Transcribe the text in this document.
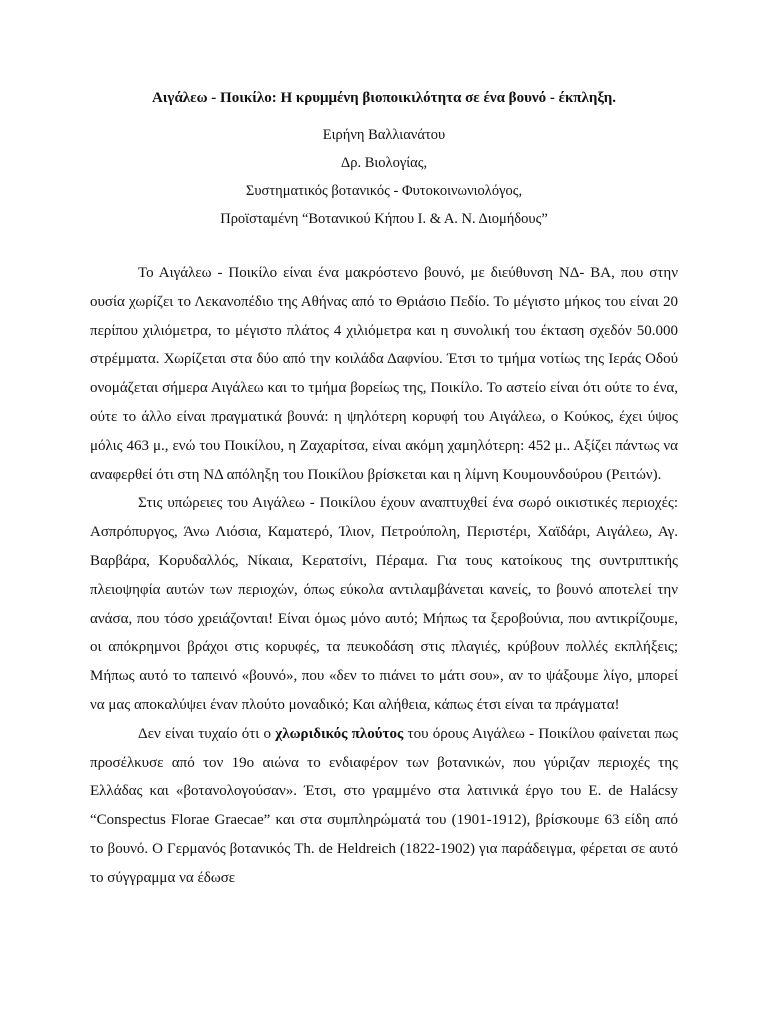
Αιγάλεω - Ποικίλο: Η κρυμμένη βιοποικιλότητα σε ένα βουνό - έκπληξη.
Ειρήνη Βαλλιανάτου
Δρ. Βιολογίας,
Συστηματικός βοτανικός - Φυτοκοινωνιολόγος,
Προϊσταμένη “Βοτανικού Κήπου Ι. & Α. Ν. Διομήδους”

Το Αιγάλεω - Ποικίλο είναι ένα μακρόστενο βουνό, με διεύθυνση ΝΔ- ΒΑ, που στην ουσία χωρίζει το Λεκανοπέδιο της Αθήνας από το Θριάσιο Πεδίο. Το μέγιστο μήκος του είναι 20 περίπου χιλιόμετρα, το μέγιστο πλάτος 4 χιλιόμετρα και η συνολική του έκταση σχεδόν 50.000 στρέμματα. Χωρίζεται στα δύο από την κοιλάδα Δαφνίου. Έτσι το τμήμα νοτίως της Ιεράς Οδού ονομάζεται σήμερα Αιγάλεω και το τμήμα βορείως της, Ποικίλο. Το αστείο είναι ότι ούτε το ένα, ούτε το άλλο είναι πραγματικά βουνά: η ψηλότερη κορυφή του Αιγάλεω, ο Κούκος, έχει ύψος μόλις 463 μ., ενώ του Ποικίλου, η Ζαχαρίτσα, είναι ακόμη χαμηλότερη: 452 μ.. Αξίζει πάντως να αναφερθεί ότι στη ΝΔ απόληξη του Ποικίλου βρίσκεται και η λίμνη Κουμουνδούρου (Ρειτών).

Στις υπώρειες του Αιγάλεω - Ποικίλου έχουν αναπτυχθεί ένα σωρό οικιστικές περιοχές: Ασπρόπυργος, Άνω Λιόσια, Καματερό, Ίλιον, Πετρούπολη, Περιστέρι, Χαϊδάρι, Αιγάλεω, Αγ. Βαρβάρα, Κορυδαλλός, Νίκαια, Κερατσίνι, Πέραμα. Για τους κατοίκους της συντριπτικής πλειοψηφία αυτών των περιοχών, όπως εύκολα αντιλαμβάνεται κανείς, το βουνό αποτελεί την ανάσα, που τόσο χρειάζονται! Είναι όμως μόνο αυτό; Μήπως τα ξεροβούνια, που αντικρίζουμε, οι απόκρημνοι βράχοι στις κορυφές, τα πευκοδάση στις πλαγιές, κρύβουν πολλές εκπλήξεις; Μήπως αυτό το ταπεινό «βουνό», που «δεν το πιάνει το μάτι σου», αν το ψάξουμε λίγο, μπορεί να μας αποκαλύψει έναν πλούτο μοναδικό; Και αλήθεια, κάπως έτσι είναι τα πράγματα!

Δεν είναι τυχαίο ότι ο χλωριδικός πλούτος του όρους Αιγάλεω - Ποικίλου φαίνεται πως προσέλκυσε από τον 19ο αιώνα το ενδιαφέρον των βοτανικών, που γύριζαν περιοχές της Ελλάδας και «βοτανολογούσαν». Έτσι, στο γραμμένο στα λατινικά έργο του E. de Halácsy “Conspectus Florae Graecae” και στα συμπληρώματά του (1901-1912), βρίσκουμε 63 είδη από το βουνό. Ο Γερμανός βοτανικός Th. de Heldreich (1822-1902) για παράδειγμα, φέρεται σε αυτό το σύγγραμμα να έδωσε
